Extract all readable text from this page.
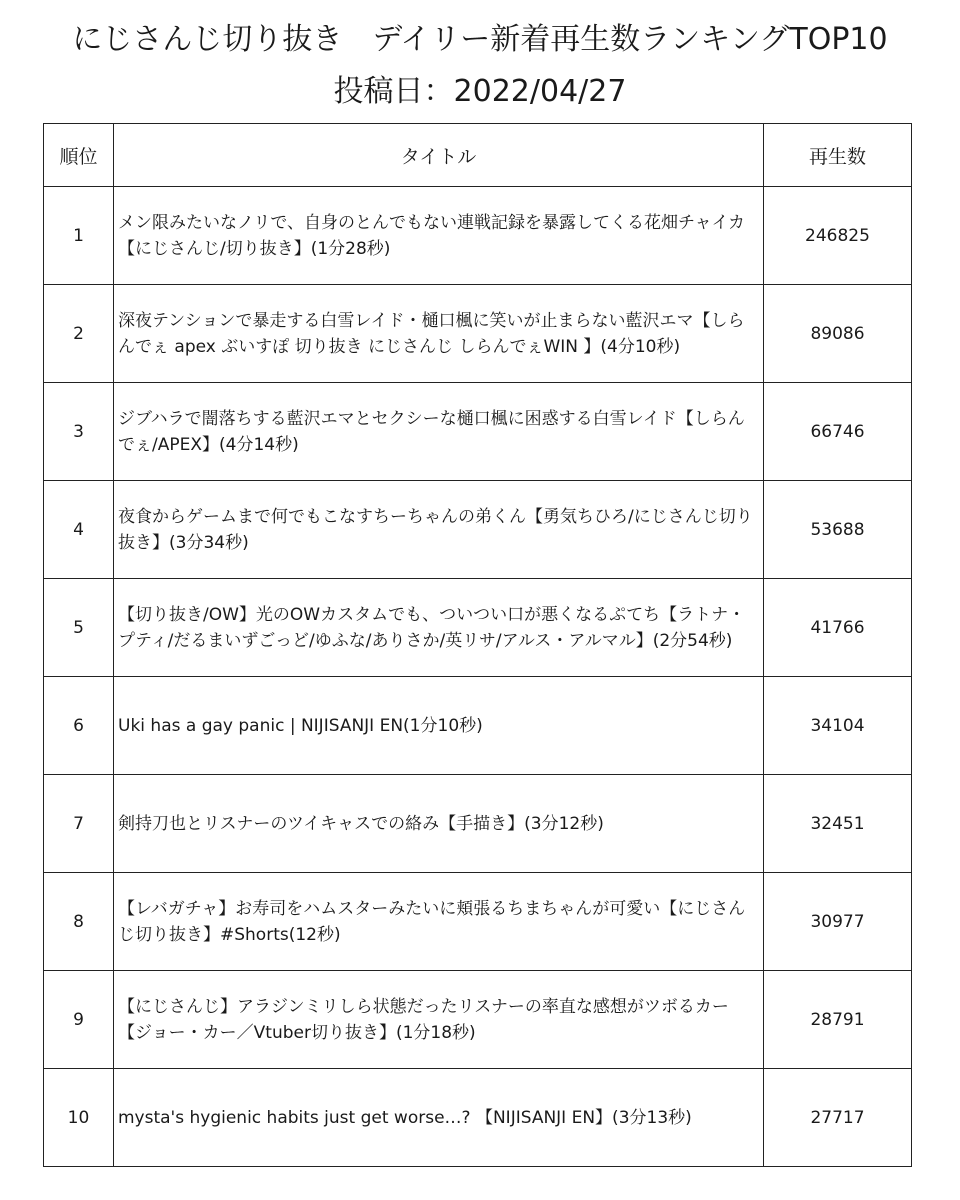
にじさんじ切り抜き　デイリー新着再生数ランキングTOP10
投稿日：2022/04/27
順位	タイトル	再生数
1	メン限みたいなノリで、自身のとんでもない連戦記録を暴露してくる花畑チャイカ【にじさんじ/切り抜き】(1分28秒)	246825
2	深夜テンションで暴走する白雪レイド・樋口楓に笑いが止まらない藍沢エマ【しらんでぇ apex ぶいすぽ 切り抜き にじさんじ しらんでぇWIN 】(4分10秒)	89086
3	ジブハラで闇落ちする藍沢エマとセクシーな樋口楓に困惑する白雪レイド【しらんでぇ/APEX】(4分14秒)	66746
4	夜食からゲームまで何でもこなすちーちゃんの弟くん【勇気ちひろ/にじさんじ切り抜き】(3分34秒)	53688
5	【切り抜き/OW】光のOWカスタムでも、ついつい口が悪くなるぷてち【ラトナ・プティ/だるまいずごっど/ゆふな/ありさか/英リサ/アルス・アルマル】(2分54秒)	41766
6	Uki has a gay panic | NIJISANJI EN(1分10秒)	34104
7	剣持刀也とリスナーのツイキャスでの絡み【手描き】(3分12秒)	32451
8	【レバガチャ】お寿司をハムスターみたいに頬張るちまちゃんが可愛い【にじさんじ切り抜き】#Shorts(12秒)	30977
9	【にじさんじ】アラジンミリしら状態だったリスナーの率直な感想がツボるカー【ジョー・カー／Vtuber切り抜き】(1分18秒)	28791
10	mysta's hygienic habits just get worse…? 【NIJISANJI EN】(3分13秒)	27717
